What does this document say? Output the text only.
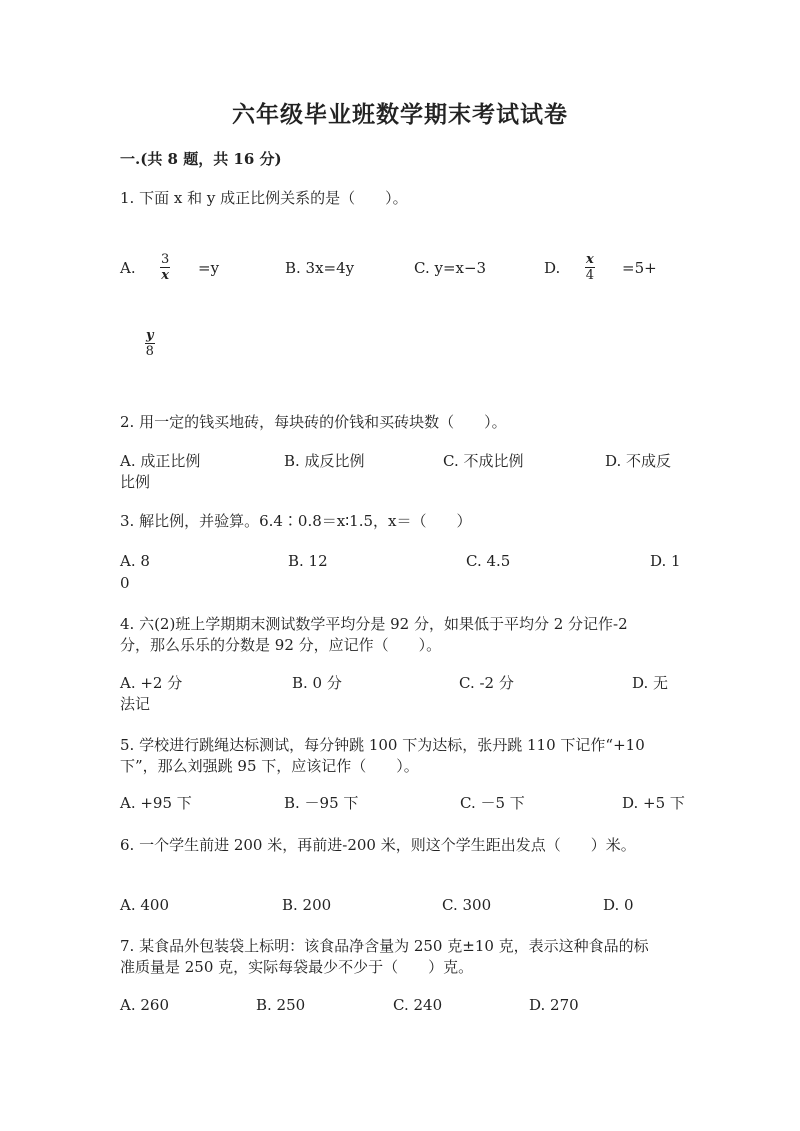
六年级毕业班数学期末考试试卷
一.(共 8 题，共 16 分)
1. 下面 x 和 y 成正比例关系的是（　　）。
A. $\frac{3}{x} =y$	B. 3x=4y	C. y=x−3	D. $\frac{x}{4} =5+$
$\frac{y}{8}$
2. 用一定的钱买地砖，每块砖的价钱和买砖块数（　　）。
A. 成正比例	B. 成反比例	C. 不成比例	D. 不成反
比例
3. 解比例，并验算。6.4∶0.8＝x∶1.5，x＝（　　）
A. 8	B. 12	C. 4.5	D. 1
0
4. 六(2)班上学期期末测试数学平均分是 92 分，如果低于平均分 2 分记作-2
分，那么乐乐的分数是 92 分，应记作（　　）。
A. +2 分	B. 0 分	C. -2 分	D. 无
法记
5. 学校进行跳绳达标测试，每分钟跳 100 下为达标，张丹跳 110 下记作“+10
下”，那么刘强跳 95 下，应该记作（　　）。
A. +95 下	B. －95 下	C. －5 下	D. +5 下
6. 一个学生前进 200 米，再前进-200 米，则这个学生距出发点（　　）米。
A. 400	B. 200	C. 300	D. 0
7. 某食品外包装袋上标明：该食品净含量为 250 克±10 克，表示这种食品的标
准质量是 250 克，实际每袋最少不少于（　　）克。
A. 260	B. 250	C. 240	D. 270
